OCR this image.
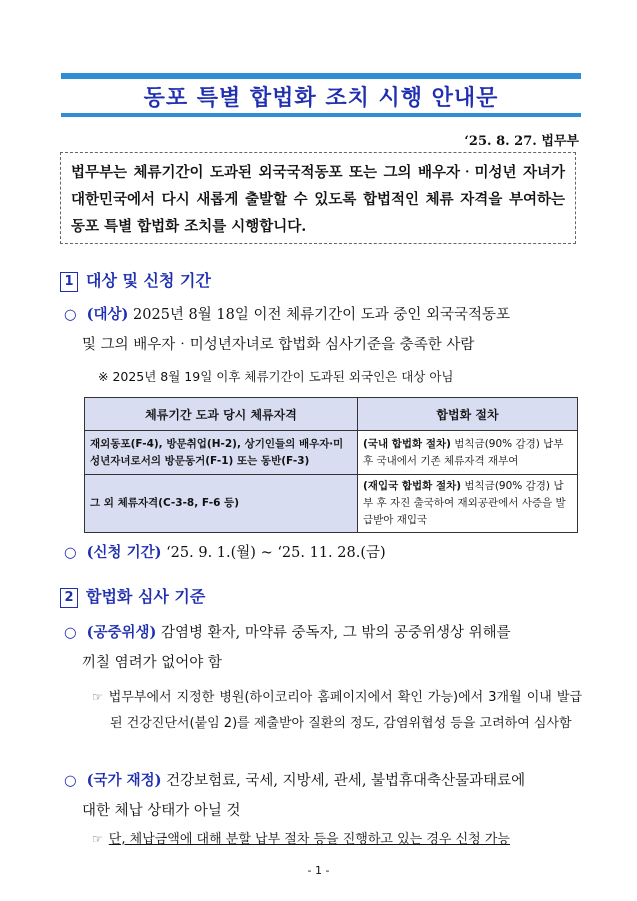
동포 특별 합법화 조치 시행 안내문
‘25. 8. 27. 법무부
법무부는 체류기간이 도과된 외국국적동포 또는 그의 배우자‧미성년 자녀가 대한민국에서 다시 새롭게 출발할 수 있도록 합법적인 체류 자격을 부여하는 동포 특별 합법화 조치를 시행합니다.
1 대상 및 신청 기간
○ (대상) 2025년 8월 18일 이전 체류기간이 도과 중인 외국국적동포
및 그의 배우자‧미성년자녀로 합법화 심사기준을 충족한 사람
※ 2025년 8월 19일 이후 체류기간이 도과된 외국인은 대상 아님
체류기간 도과 당시 체류자격	합법화 절차
재외동포(F-4), 방문취업(H-2), 상기인들의 배우자‧미성년자녀로서의 방문동거(F-1) 또는 동반(F-3)	(국내 합법화 절차) 범칙금(90% 감경) 납부 후 국내에서 기존 체류자격 재부여
그 외 체류자격(C-3-8, F-6 등)	(재입국 합법화 절차) 범칙금(90% 감경) 납부 후 자진 출국하여 재외공관에서 사증을 발급받아 재입국
○ (신청 기간) ‘25. 9. 1.(월) ~ ‘25. 11. 28.(금)
2 합법화 심사 기준
○ (공중위생) 감염병 환자, 마약류 중독자, 그 밖의 공중위생상 위해를
끼칠 염려가 없어야 함
☞ 법무부에서 지정한 병원(하이코리아 홈페이지에서 확인 가능)에서 3개월 이내 발급된 건강진단서(붙임 2)를 제출받아 질환의 정도, 감염위협성 등을 고려하여 심사함
○ (국가 재정) 건강보험료, 국세, 지방세, 관세, 불법휴대축산물과태료에
대한 체납 상태가 아닐 것
☞ 단, 체납금액에 대해 분할 납부 절차 등을 진행하고 있는 경우 신청 가능
- 1 -
